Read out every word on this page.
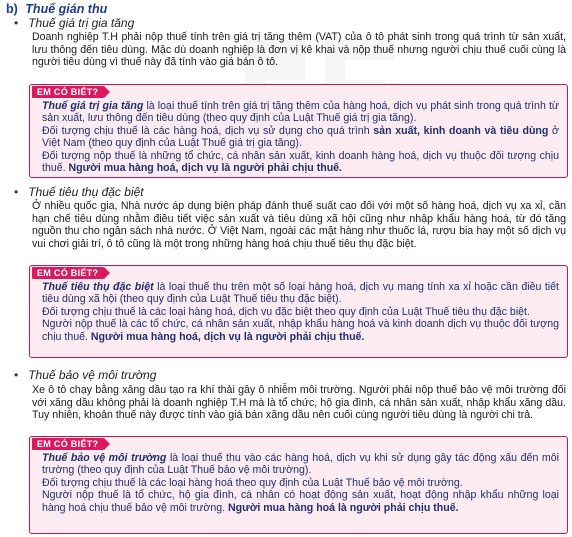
b) Thuế gián thu
• Thuế giá trị gia tăng

Doanh nghiệp T.H phải nộp thuế tính trên giá trị tăng thêm (VAT) của ô tô phát sinh trong quá trình từ sản xuất, lưu thông đến tiêu dùng. Mặc dù doanh nghiệp là đơn vị kê khai và nộp thuế nhưng người chịu thuế cuối cùng là người tiêu dùng vì thuế này đã tính vào giá bán ô tô.

EM CÓ BIẾT?

Thuế giá trị gia tăng là loại thuế tính trên giá trị tăng thêm của hàng hoá, dịch vụ phát sinh trong quá trình từ sản xuất, lưu thông đến tiêu dùng (theo quy định của Luật Thuế giá trị gia tăng).

Đối tượng chịu thuế là các hàng hoá, dịch vụ sử dụng cho quá trình sản xuất, kinh doanh và tiêu dùng ở Việt Nam (theo quy định của Luật Thuế giá trị gia tăng).

Đối tượng nộp thuế là những tổ chức, cá nhân sản xuất, kinh doanh hàng hoá, dịch vụ thuộc đối tượng chịu thuế. Người mua hàng hoá, dịch vụ là người phải chịu thuế.

• Thuế tiêu thụ đặc biệt

Ở nhiều quốc gia, Nhà nước áp dụng biện pháp đánh thuế suất cao đối với một số hàng hoá, dịch vụ xa xỉ, cần hạn chế tiêu dùng nhằm điều tiết việc sản xuất và tiêu dùng xã hội cũng như nhập khẩu hàng hoá, từ đó tăng nguồn thu cho ngân sách nhà nước. Ở Việt Nam, ngoài các mặt hàng như thuốc lá, rượu bia hay một số dịch vụ vui chơi giải trí, ô tô cũng là một trong những hàng hoá chịu thuế tiêu thụ đặc biệt.

EM CÓ BIẾT?

Thuế tiêu thụ đặc biệt là loại thuế thu trên một số loại hàng hoá, dịch vụ mang tính xa xỉ hoặc cần điều tiết tiêu dùng xã hội (theo quy định của Luật Thuế tiêu thụ đặc biệt).

Đối tượng chịu thuế là các loại hàng hoá, dịch vụ đặc biệt theo quy định của Luật Thuế tiêu thụ đặc biệt.

Người nộp thuế là các tổ chức, cá nhân sản xuất, nhập khẩu hàng hoá và kinh doanh dịch vụ thuộc đối tượng chịu thuế. Người mua hàng hoá, dịch vụ là người phải chịu thuế.

• Thuế bảo vệ môi trường

Xe ô tô chạy bằng xăng dầu tạo ra khí thải gây ô nhiễm môi trường. Người phải nộp thuế bảo vệ môi trường đối với xăng dầu không phải là doanh nghiệp T.H mà là tổ chức, hộ gia đình, cá nhân sản xuất, nhập khẩu xăng dầu. Tuy nhiên, khoản thuế này được tính vào giá bán xăng dầu nên cuối cùng người tiêu dùng là người chi trả.

EM CÓ BIẾT?

Thuế bảo vệ môi trường là loại thuế thu vào các hàng hoá, dịch vụ khi sử dụng gây tác động xấu đến môi trường (theo quy định của Luật Thuế bảo vệ môi trường).

Đối tượng chịu thuế là các loại hàng hoá theo quy định của Luật Thuế bảo vệ môi trường.

Người nộp thuế là tổ chức, hộ gia đình, cá nhân có hoạt động sản xuất, hoạt động nhập khẩu những loại hàng hoá chịu thuế bảo vệ môi trường. Người mua hàng hoá là người phải chịu thuế.
